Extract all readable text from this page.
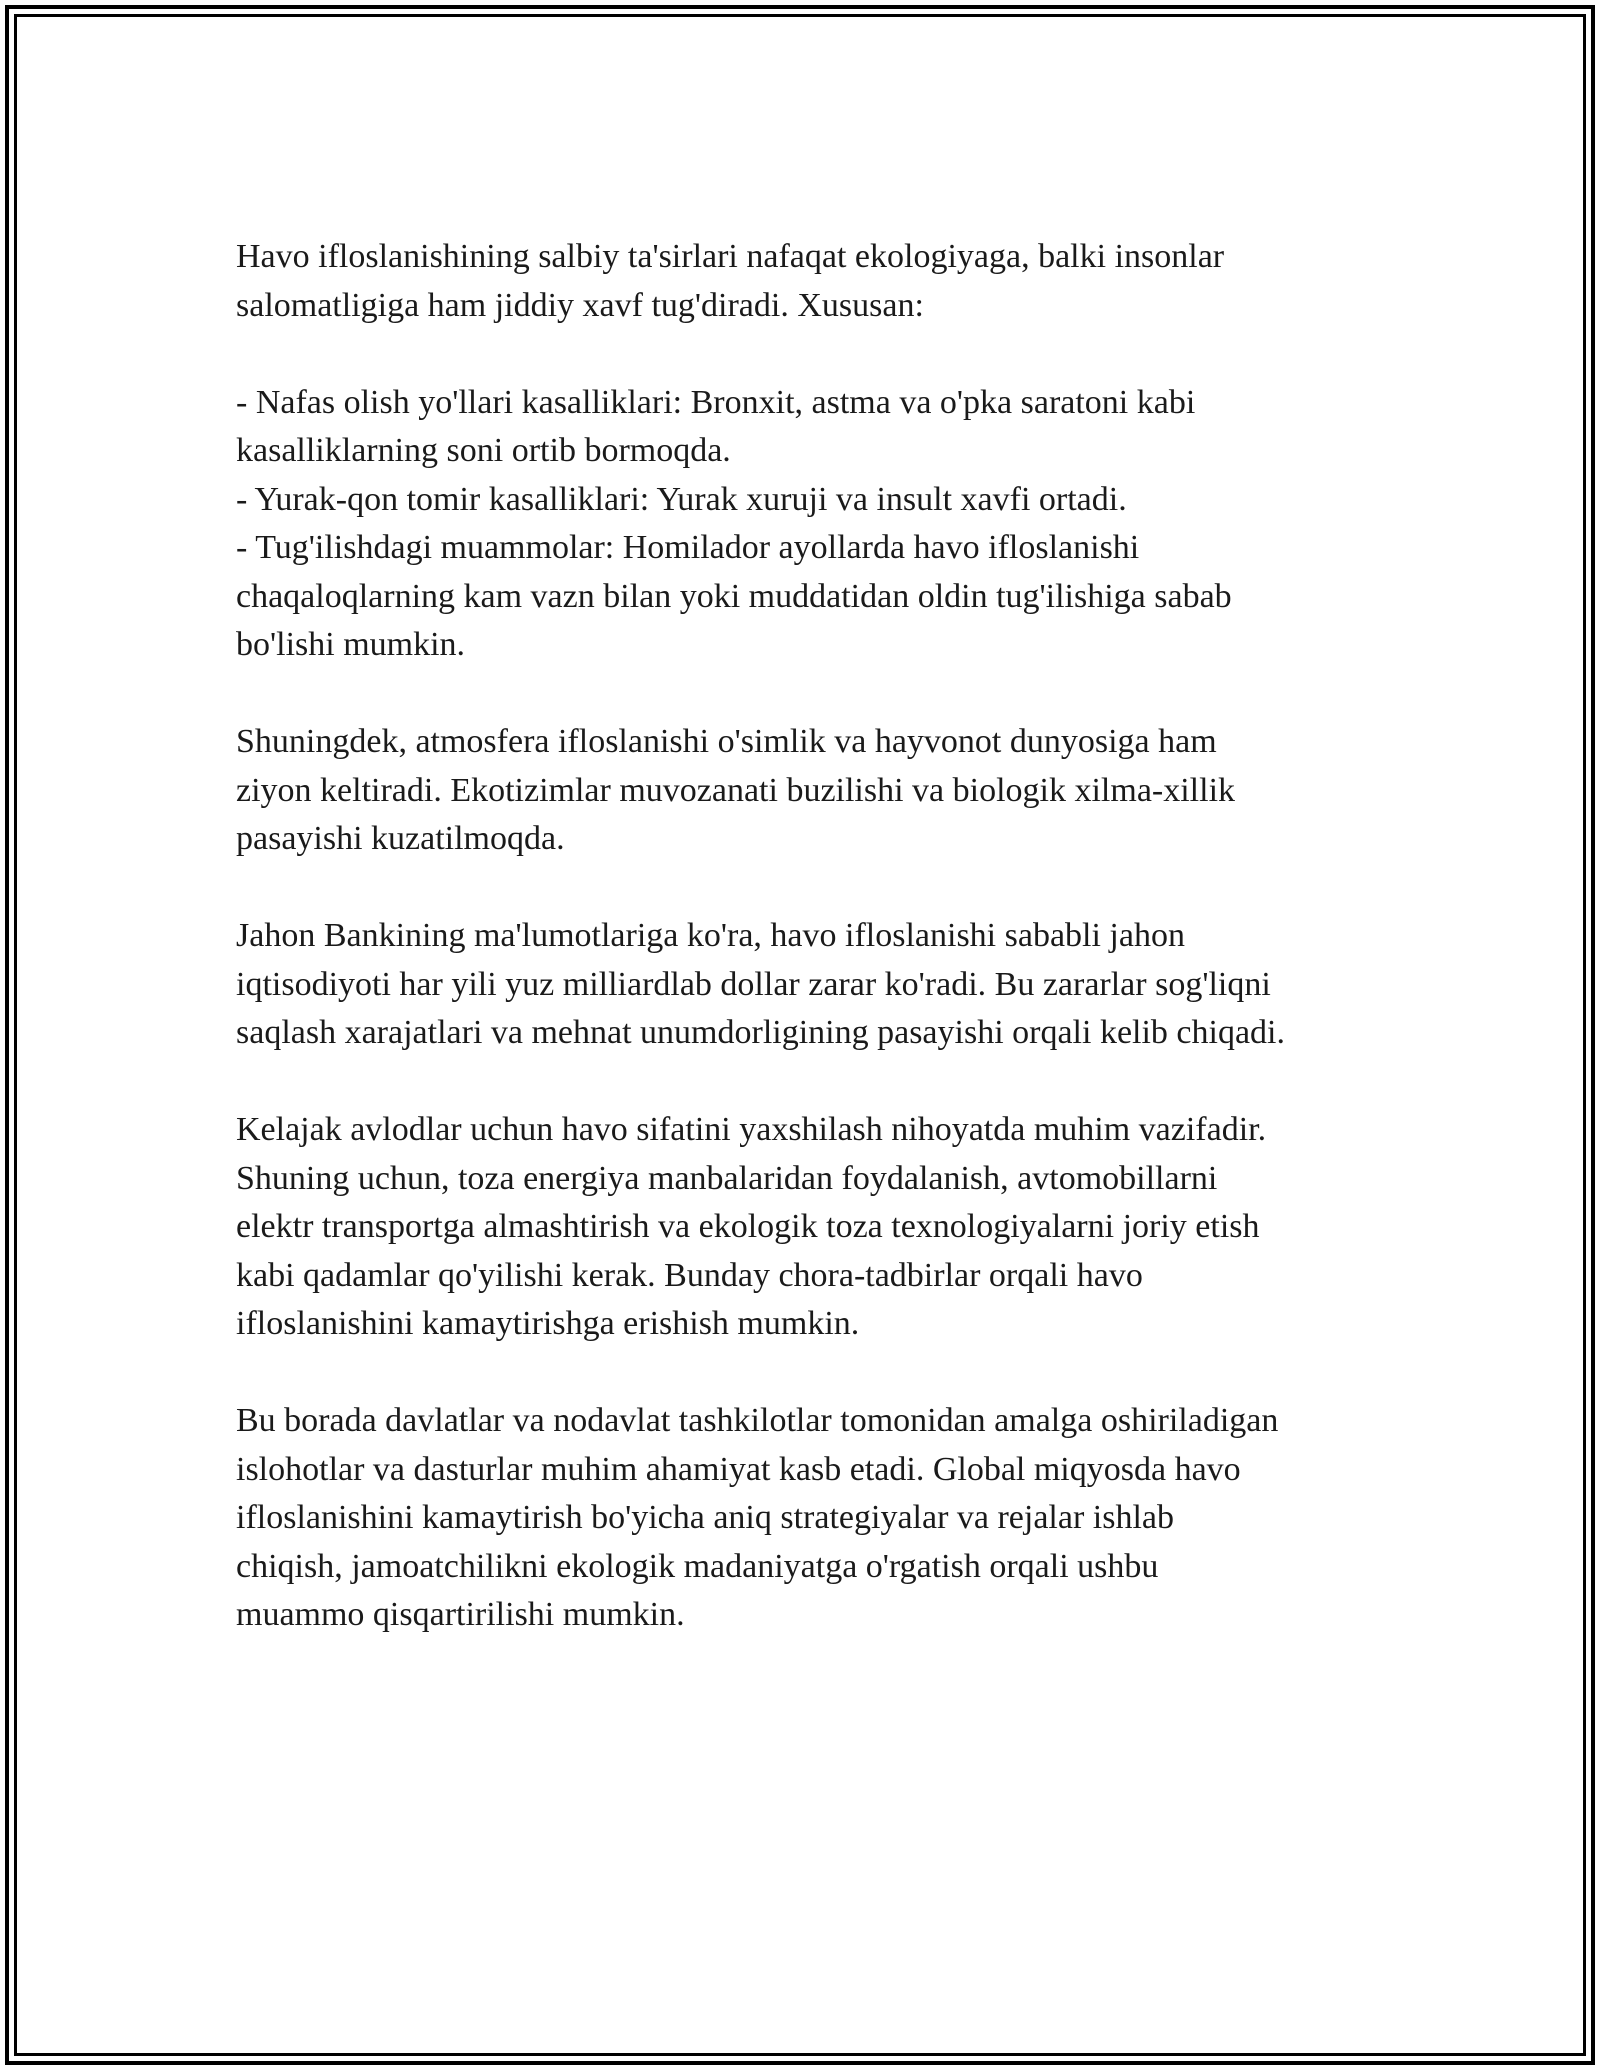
Havo ifloslanishining salbiy ta'sirlari nafaqat ekologiyaga, balki insonlar
salomatligiga ham jiddiy xavf tug'diradi. Xususan:

- Nafas olish yo'llari kasalliklari: Bronxit, astma va o'pka saratoni kabi
kasalliklarning soni ortib bormoqda.
- Yurak-qon tomir kasalliklari: Yurak xuruji va insult xavfi ortadi.
- Tug'ilishdagi muammolar: Homilador ayollarda havo ifloslanishi
chaqaloqlarning kam vazn bilan yoki muddatidan oldin tug'ilishiga sabab
bo'lishi mumkin.

Shuningdek, atmosfera ifloslanishi o'simlik va hayvonot dunyosiga ham
ziyon keltiradi. Ekotizimlar muvozanati buzilishi va biologik xilma-xillik
pasayishi kuzatilmoqda.

Jahon Bankining ma'lumotlariga ko'ra, havo ifloslanishi sababli jahon
iqtisodiyoti har yili yuz milliardlab dollar zarar ko'radi. Bu zararlar sog'liqni
saqlash xarajatlari va mehnat unumdorligining pasayishi orqali kelib chiqadi.

Kelajak avlodlar uchun havo sifatini yaxshilash nihoyatda muhim vazifadir.
Shuning uchun, toza energiya manbalaridan foydalanish, avtomobillarni
elektr transportga almashtirish va ekologik toza texnologiyalarni joriy etish
kabi qadamlar qo'yilishi kerak. Bunday chora-tadbirlar orqali havo
ifloslanishini kamaytirishga erishish mumkin.

Bu borada davlatlar va nodavlat tashkilotlar tomonidan amalga oshiriladigan
islohotlar va dasturlar muhim ahamiyat kasb etadi. Global miqyosda havo
ifloslanishini kamaytirish bo'yicha aniq strategiyalar va rejalar ishlab
chiqish, jamoatchilikni ekologik madaniyatga o'rgatish orqali ushbu
muammo qisqartirilishi mumkin.
